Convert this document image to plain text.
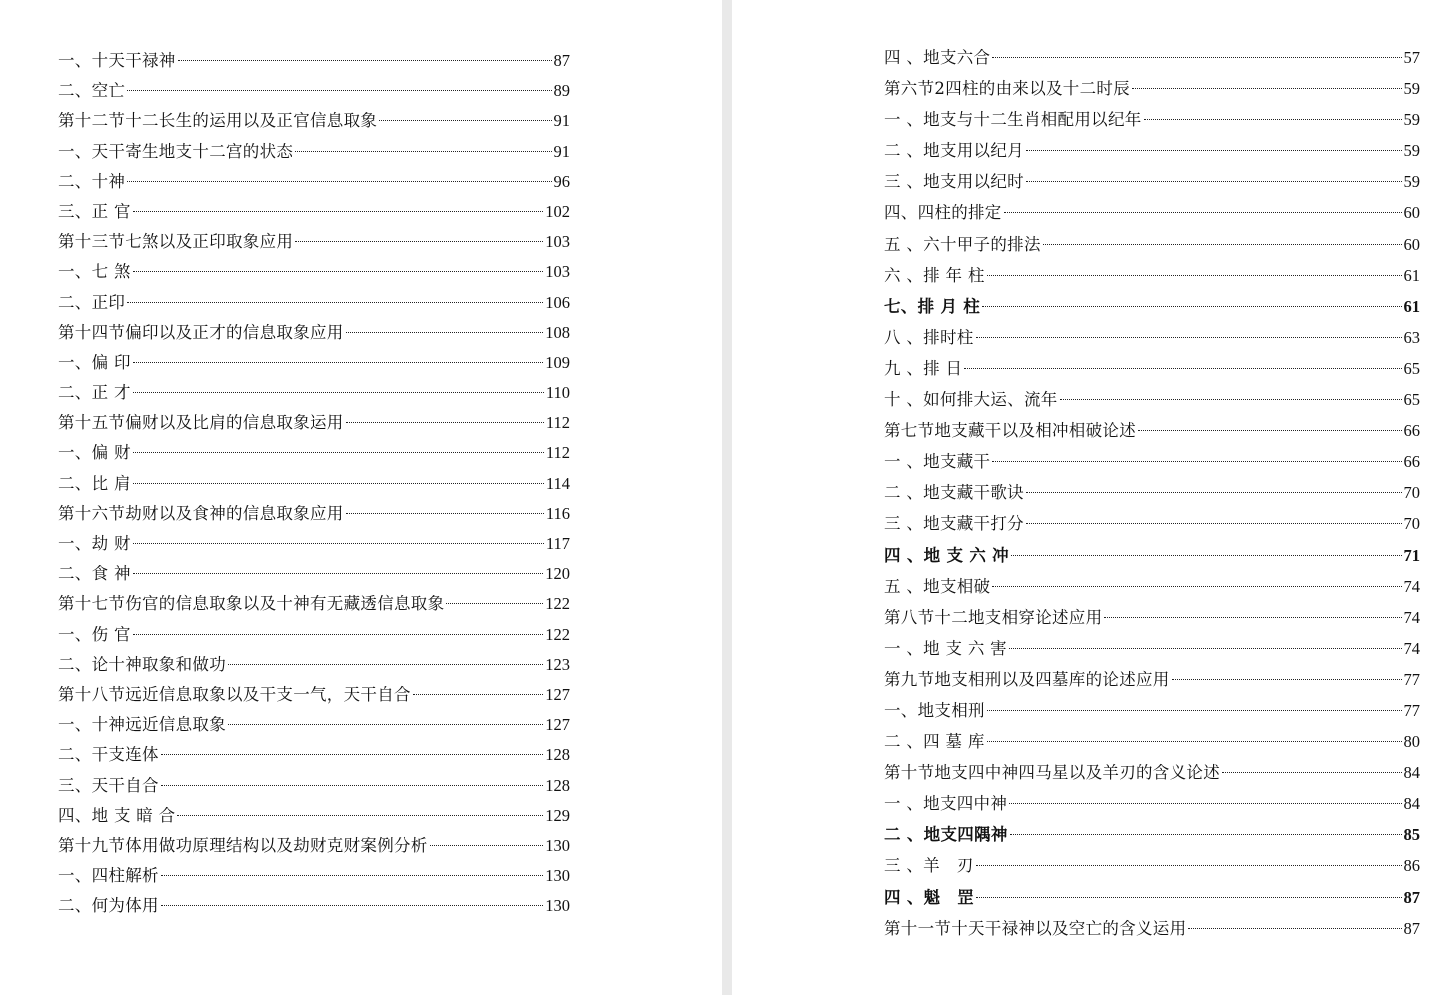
一、十天干禄神	87
二、空亡	89
第十二节十二长生的运用以及正官信息取象	91
一、天干寄生地支十二宫的状态	91
二、十神	96
三、正 官	102
第十三节七煞以及正印取象应用	103
一、七 煞	103
二、正印	106
第十四节偏印以及正才的信息取象应用	108
一、偏 印	109
二、正 才	110
第十五节偏财以及比肩的信息取象运用	112
一、偏 财	112
二、比 肩	114
第十六节劫财以及食神的信息取象应用	116
一、劫 财	117
二、食 神	120
第十七节伤官的信息取象以及十神有无藏透信息取象	122
一、伤 官	122
二、论十神取象和做功	123
第十八节远近信息取象以及干支一气，天干自合	127
一、十神远近信息取象	127
二、干支连体	128
三、天干自合	128
四、地 支 暗 合	129
第十九节体用做功原理结构以及劫财克财案例分析	130
一、四柱解析	130
二、何为体用	130
四 、地支六合	57
第六节2四柱的由来以及十二时辰	59
一 、地支与十二生肖相配用以纪年	59
二 、地支用以纪月	59
三 、地支用以纪时	59
四、四柱的排定	60
五 、六十甲子的排法	60
六 、排 年 柱	61
七、排 月 柱	61
八 、排时柱	63
九 、排 日	65
十 、如何排大运、流年	65
第七节地支藏干以及相冲相破论述	66
一 、地支藏干	66
二 、地支藏干歌诀	70
三 、地支藏干打分	70
四 、地 支 六 冲	71
五 、地支相破	74
第八节十二地支相穿论述应用	74
一 、地 支 六 害	74
第九节地支相刑以及四墓库的论述应用	77
一、地支相刑	77
二 、四 墓 库	80
第十节地支四中神四马星以及羊刃的含义论述	84
一 、地支四中神	84
二 、地支四隅神	85
三 、羊　刃	86
四 、魁　罡	87
第十一节十天干禄神以及空亡的含义运用	87
